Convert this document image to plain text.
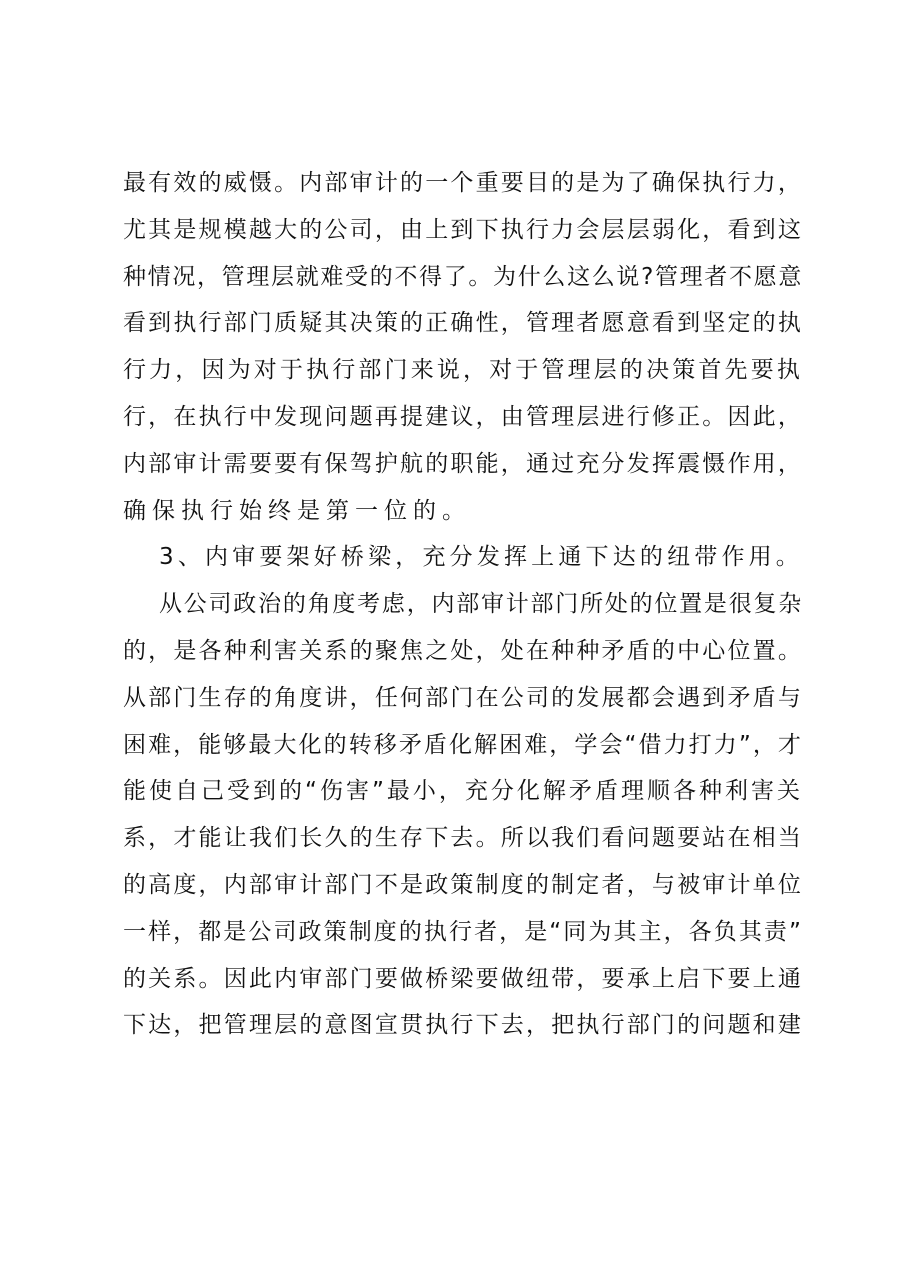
最有效的威慑。内部审计的一个重要目的是为了确保执行力，
尤其是规模越大的公司，由上到下执行力会层层弱化，看到这
种情况，管理层就难受的不得了。为什么这么说?管理者不愿意
看到执行部门质疑其决策的正确性，管理者愿意看到坚定的执
行力，因为对于执行部门来说，对于管理层的决策首先要执
行，在执行中发现问题再提建议，由管理层进行修正。因此，
内部审计需要要有保驾护航的职能，通过充分发挥震慑作用，
确保执行始终是第一位的。
3、内审要架好桥梁，充分发挥上通下达的纽带作用。
从公司政治的角度考虑，内部审计部门所处的位置是很复杂
的，是各种利害关系的聚焦之处，处在种种矛盾的中心位置。
从部门生存的角度讲，任何部门在公司的发展都会遇到矛盾与
困难，能够最大化的转移矛盾化解困难，学会“借力打力”，才
能使自己受到的“伤害”最小，充分化解矛盾理顺各种利害关
系，才能让我们长久的生存下去。所以我们看问题要站在相当
的高度，内部审计部门不是政策制度的制定者，与被审计单位
一样，都是公司政策制度的执行者，是“同为其主，各负其责”
的关系。因此内审部门要做桥梁要做纽带，要承上启下要上通
下达，把管理层的意图宣贯执行下去，把执行部门的问题和建
